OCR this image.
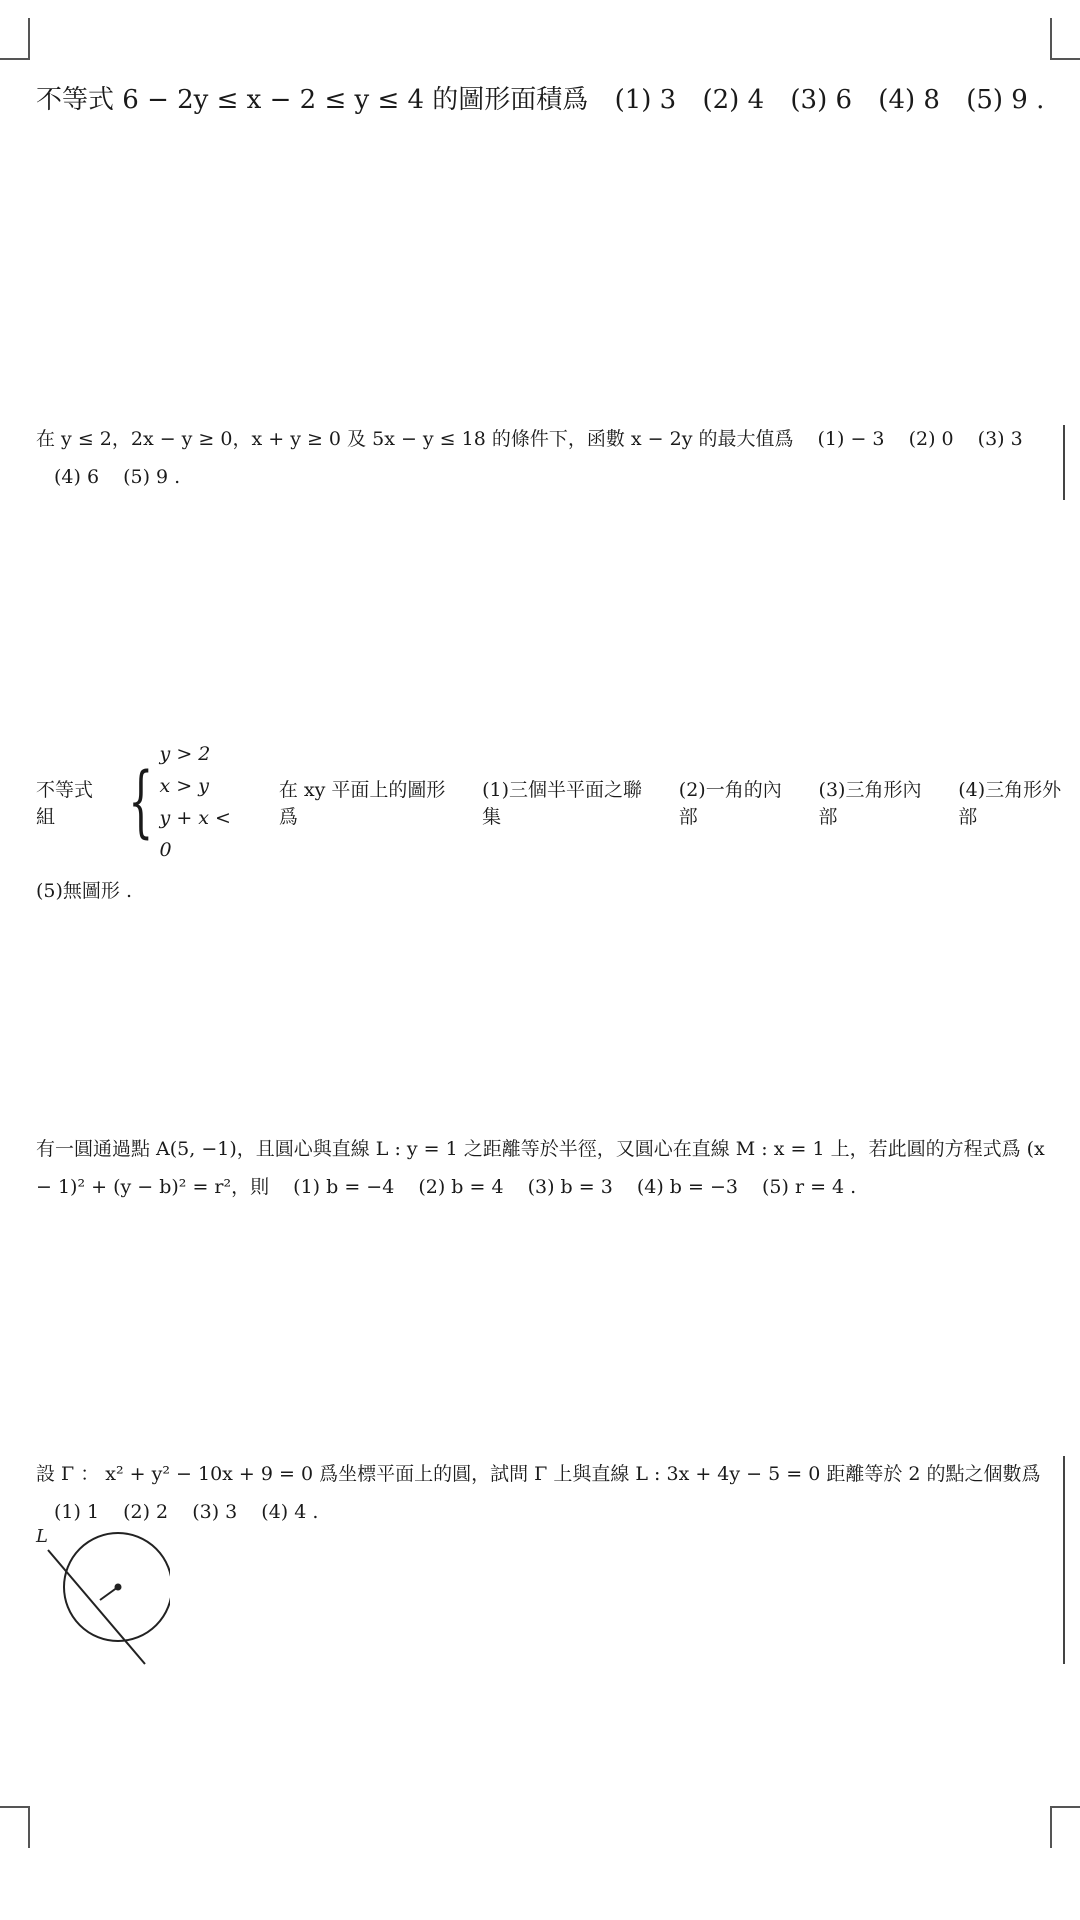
不等式 6 − 2y ≤ x − 2 ≤ y ≤ 4 的圖形面積爲 (1) 3 (2) 4 (3) 6 (4) 8 (5) 9 .
在 y ≤ 2，2x − y ≥ 0，x + y ≥ 0 及 5x − y ≤ 18 的條件下，函數 x − 2y 的最大值爲 (1) − 3 (2) 0 (3) 3 (4) 6 (5) 9 .
不等式組 {
y > 2
x > y
y + x < 0
在 xy 平面上的圖形爲
(1)三個半平面之聯集
(2)一角的內部
(3)三角形內部
(4)三角形外部
(5)無圖形 .
有一圓通過點 A(5, −1)，且圓心與直線 L : y = 1 之距離等於半徑，又圓心在直線 M : x = 1 上，若此圓的方程式爲 (x − 1)² + (y − b)² = r²，則 (1) b = −4 (2) b = 4 (3) b = 3 (4) b = −3 (5) r = 4 .
設 Γ ： x² + y² − 10x + 9 = 0 爲坐標平面上的圓，試問 Γ 上與直線 L : 3x + 4y − 5 = 0 距離等於 2 的點之個數爲 (1) 1 (2) 2 (3) 3 (4) 4 .
L
